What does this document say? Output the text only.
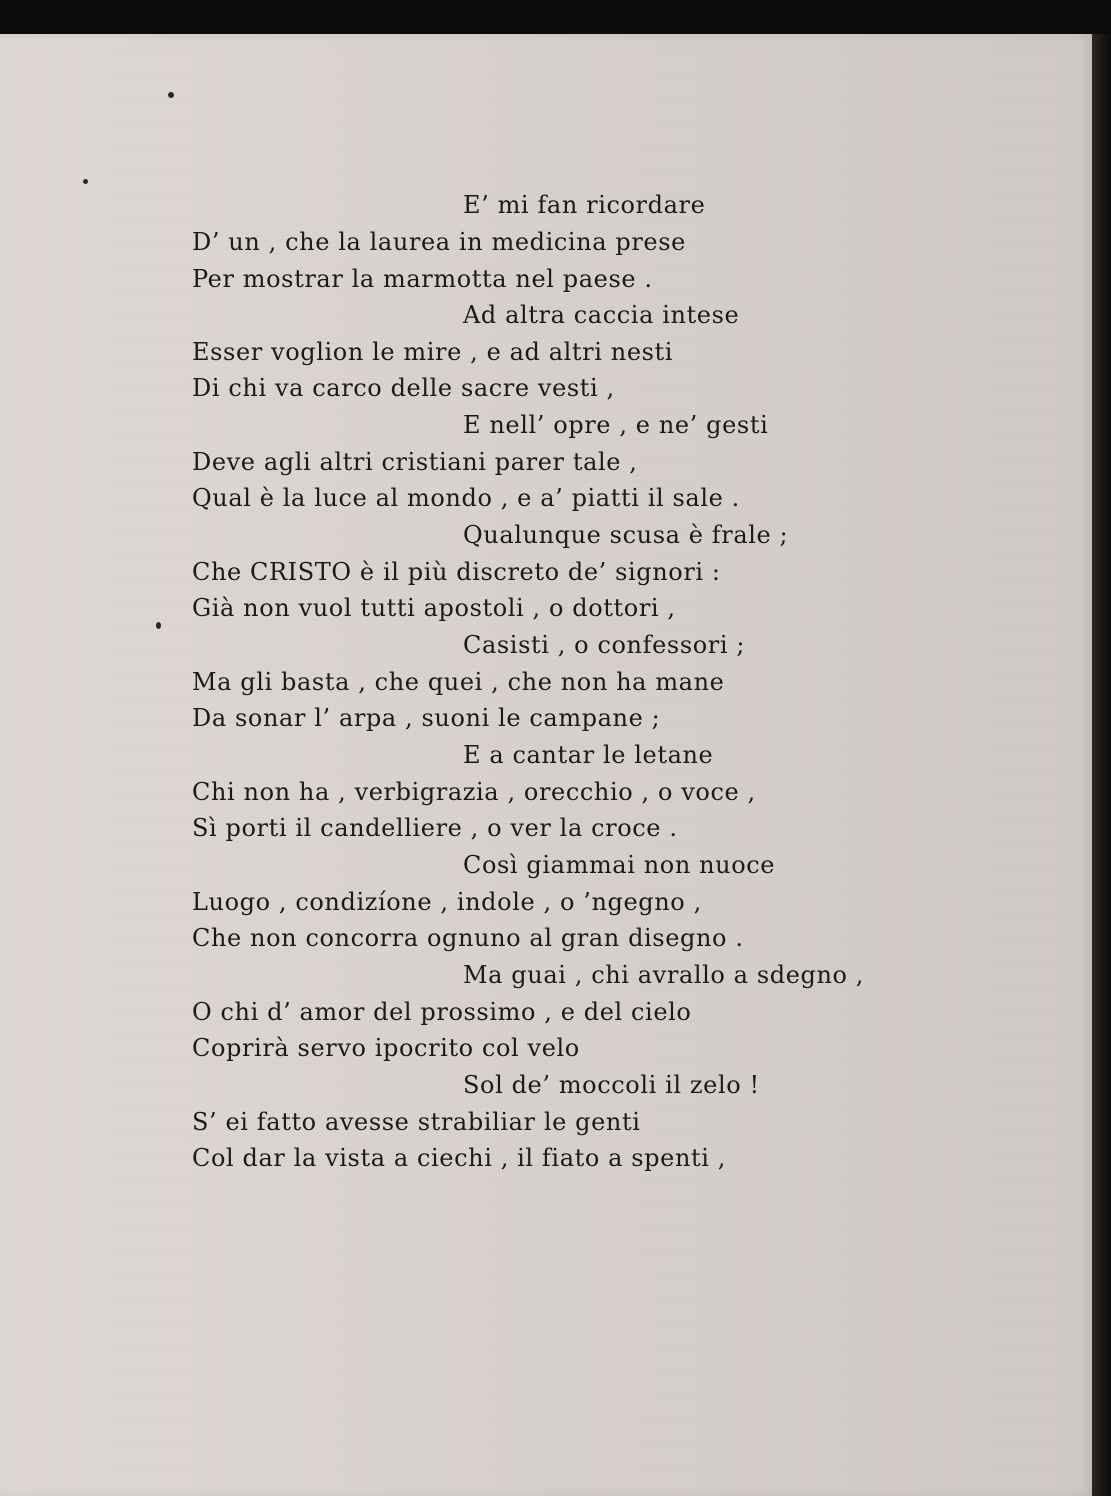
E’ mi fan ricordare
D’ un , che la laurea in medicina prese
Per mostrar la marmotta nel paese .
Ad altra caccia intese
Esser voglion le mire , e ad altri nesti
Di chi va carco delle sacre vesti ,
E nell’ opre , e ne’ gesti
Deve agli altri cristiani parer tale ,
Qual è la luce al mondo , e a’ piatti il sale .
Qualunque scusa è frale ;
Che CRISTO è il più discreto de’ signori :
Già non vuol tutti apostoli , o dottori ,
Casisti , o confessori ;
Ma gli basta , che quei , che non ha mane
Da sonar l’ arpa , suoni le campane ;
E a cantar le letane
Chi non ha , verbigrazia , orecchio , o voce ,
Sì porti il candelliere , o ver la croce .
Così giammai non nuoce
Luogo , condizíone , indole , o ’ngegno ,
Che non concorra ognuno al gran disegno .
Ma guai , chi avrallo a sdegno ,
O chi d’ amor del prossimo , e del cielo
Coprirà servo ipocrito col velo
Sol de’ moccoli il zelo !
S’ ei fatto avesse strabiliar le genti
Col dar la vista a ciechi , il fiato a spenti ,
